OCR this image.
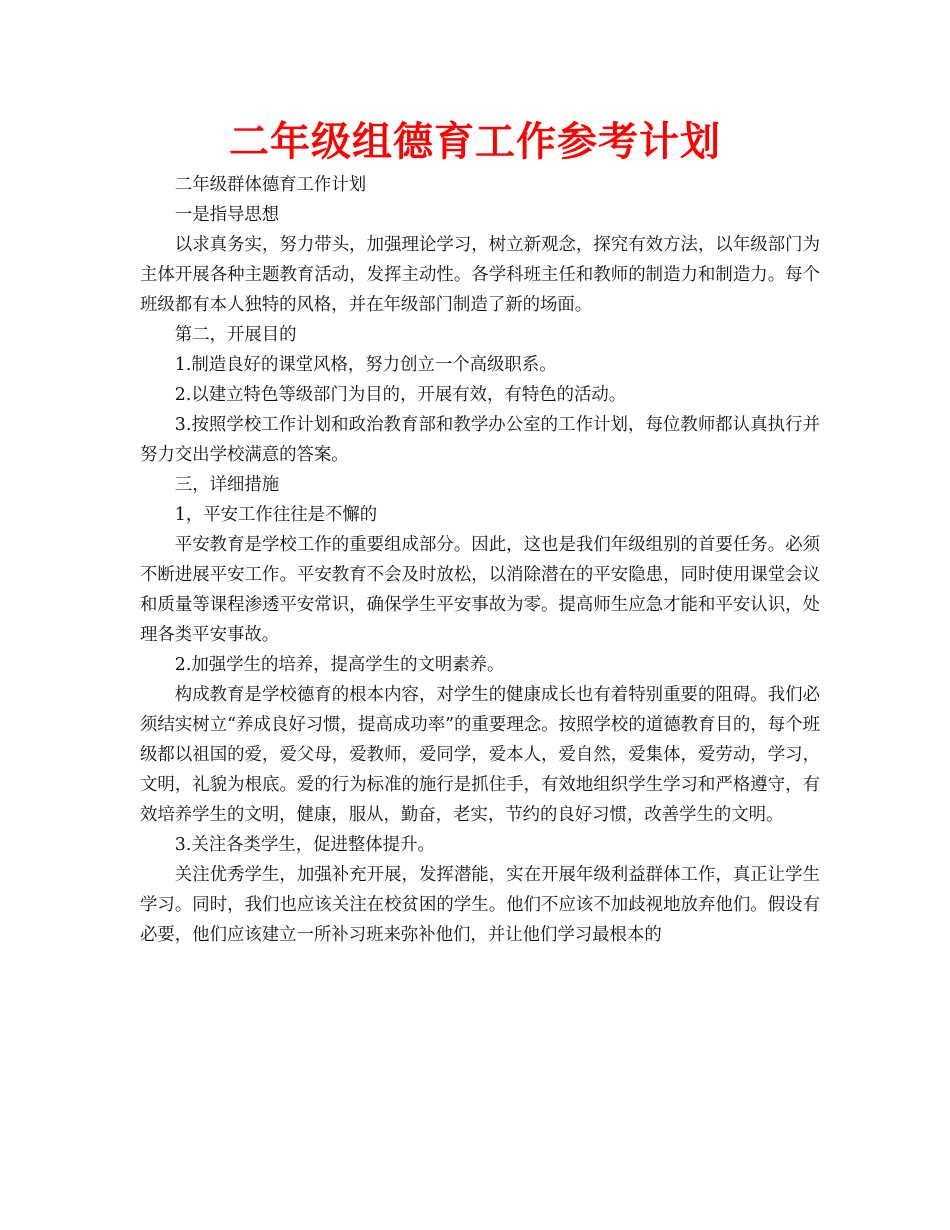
二年级组德育工作参考计划

二年级群体德育工作计划

一是指导思想

以求真务实，努力带头，加强理论学习，树立新观念，探究有效方法，以年级部门为主体开展各种主题教育活动，发挥主动性。各学科班主任和教师的制造力和制造力。每个班级都有本人独特的风格，并在年级部门制造了新的场面。

第二，开展目的

1.制造良好的课堂风格，努力创立一个高级职系。

2.以建立特色等级部门为目的，开展有效，有特色的活动。

3.按照学校工作计划和政治教育部和教学办公室的工作计划，每位教师都认真执行并努力交出学校满意的答案。

三，详细措施

1，平安工作往往是不懈的

平安教育是学校工作的重要组成部分。因此，这也是我们年级组别的首要任务。必须不断进展平安工作。平安教育不会及时放松，以消除潜在的平安隐患，同时使用课堂会议和质量等课程渗透平安常识，确保学生平安事故为零。提高师生应急才能和平安认识，处理各类平安事故。

2.加强学生的培养，提高学生的文明素养。

构成教育是学校德育的根本内容，对学生的健康成长也有着特别重要的阻碍。我们必须结实树立“养成良好习惯，提高成功率”的重要理念。按照学校的道德教育目的，每个班级都以祖国的爱，爱父母，爱教师，爱同学，爱本人，爱自然，爱集体，爱劳动，学习，文明，礼貌为根底。爱的行为标准的施行是抓住手，有效地组织学生学习和严格遵守，有效培养学生的文明，健康，服从，勤奋，老实，节约的良好习惯，改善学生的文明。

3.关注各类学生，促进整体提升。

关注优秀学生，加强补充开展，发挥潜能，实在开展年级利益群体工作，真正让学生学习。同时，我们也应该关注在校贫困的学生。他们不应该不加歧视地放弃他们。假设有必要，他们应该建立一所补习班来弥补他们，并让他们学习最根本的
